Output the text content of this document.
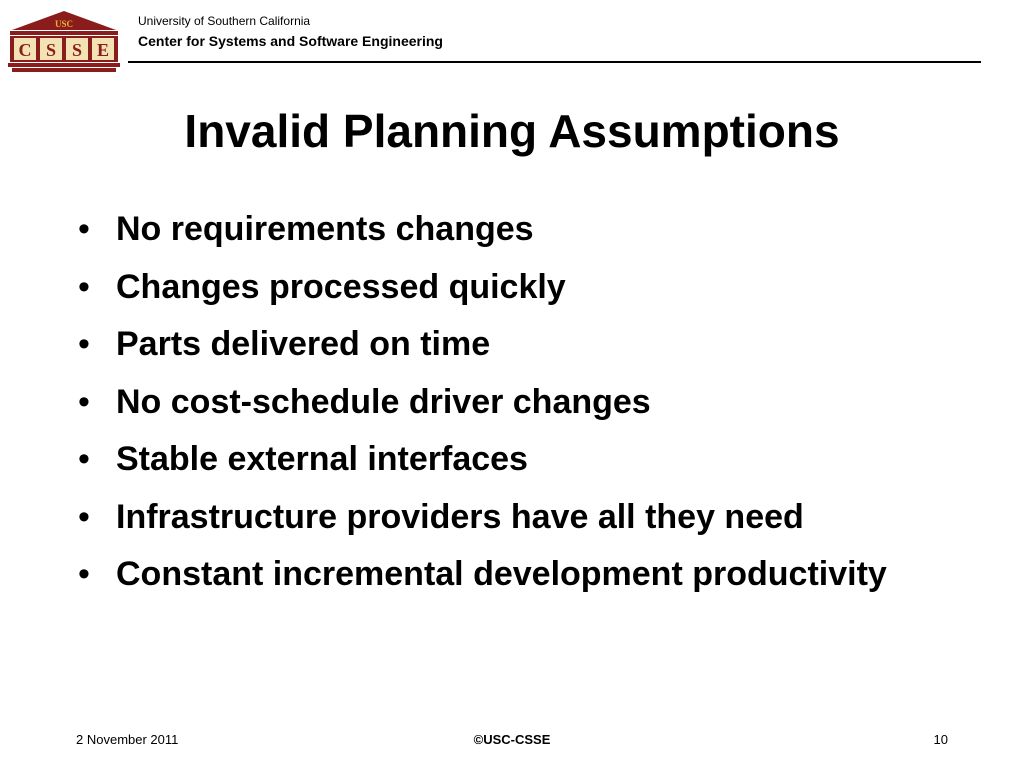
USC
C S S E
University of Southern California
Center for Systems and Software Engineering
Invalid Planning Assumptions
• No requirements changes
• Changes processed quickly
• Parts delivered on time
• No cost-schedule driver changes
• Stable external interfaces
• Infrastructure providers have all they need
• Constant incremental development productivity
2 November 2011	©USC-CSSE	10
